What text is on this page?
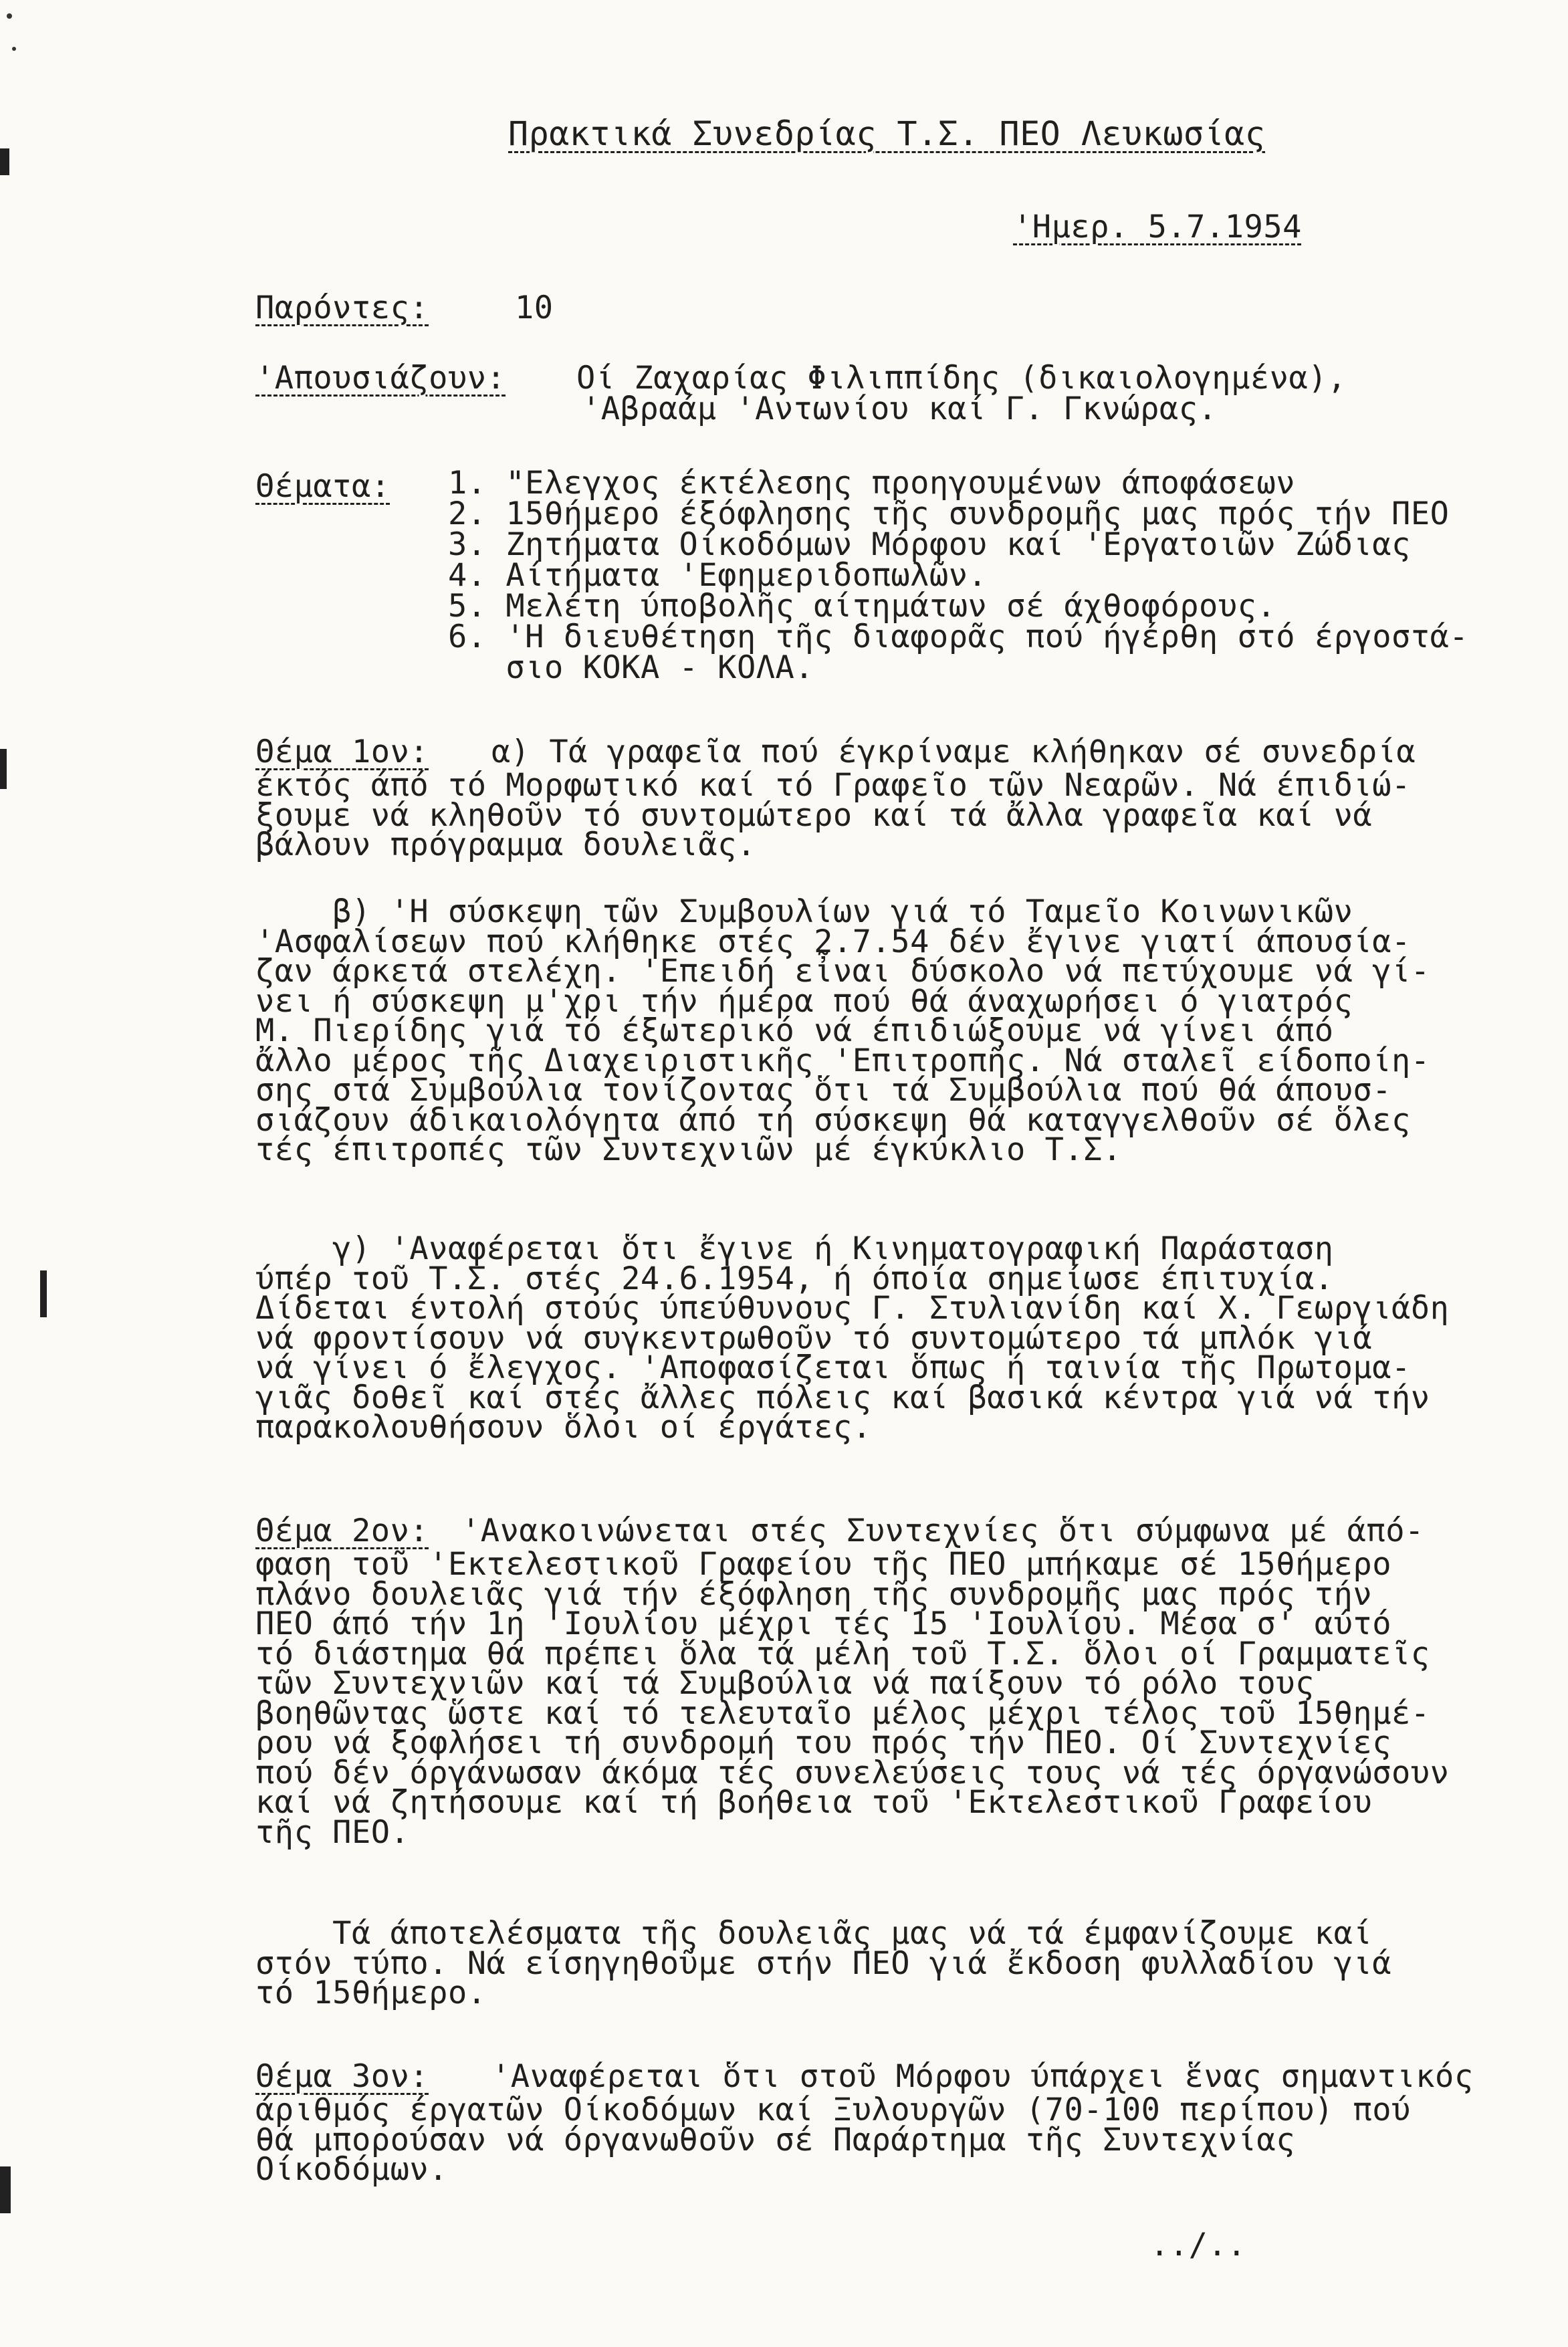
Πρακτικά Συνεδρίας Τ.Σ. ΠΕΟ Λευκωσίας
'Ημερ. 5.7.1954
Παρόντες:	10
'Απουσιάζουν: Οί Ζαχαρίας Φιλιππίδης (δικαιολογημένα),
'Αβραάμ 'Αντωνίου καί Γ. Γκνώρας.
Θέματα: 1. "Ελεγχος έκτέλεσης προηγουμένων άποφάσεων
2. 15θήμερο έξόφλησης τῆς συνδρομῆς μας πρός τήν ΠΕΟ
3. Ζητήματα Οίκοδόμων Μόρφου καί 'Εργατοιῶν Ζώδιας
4. Αίτήματα 'Εφημεριδοπωλῶν.
5. Μελέτη ύποβολῆς αίτημάτων σέ άχθοφόρους.
6. 'Η διευθέτηση τῆς διαφορᾶς πού ήγέρθη στό έργοστά-
σιο ΚΟΚΑ - ΚΟΛΑ.
Θέμα 1ον: α) Τά γραφεῖα πού έγκρίναμε κλήθηκαν σέ συνεδρία
έκτός άπό τό Μορφωτικό καί τό Γραφεῖο τῶν Νεαρῶν. Νά έπιδιώ-
ξουμε νά κληθοῦν τό συντομώτερο καί τά ἄλλα γραφεῖα καί νά
βάλουν πρόγραμμα δουλειᾶς.
β) 'Η σύσκεψη τῶν Συμβουλίων γιά τό Ταμεῖο Κοινωνικῶν
'Ασφαλίσεων πού κλήθηκε στές 2.7.54 δέν ἔγινε γιατί άπουσία-
ζαν άρκετά στελέχη. 'Επειδή εἶναι δύσκολο νά πετύχουμε νά γί-
νει ή σύσκεψη μ'χρι τήν ήμέρα πού θά άναχωρήσει ό γιατρός
Μ. Πιερίδης γιά τό έξωτερικό νά έπιδιώξουμε νά γίνει άπό
ἄλλο μέρος τῆς Διαχειριστικῆς 'Επιτροπῆς. Νά σταλεῖ είδοποίη-
σης στά Συμβούλια τονίζοντας ὅτι τά Συμβούλια πού θά άπουσ-
σιάζουν άδικαιολόγητα άπό τή σύσκεψη θά καταγγελθοῦν σέ ὅλες
τές έπιτροπές τῶν Συντεχνιῶν μέ έγκύκλιο Τ.Σ.
γ) 'Αναφέρεται ὅτι ἔγινε ή Κινηματογραφική Παράσταση
ύπέρ τοῦ Τ.Σ. στές 24.6.1954, ή όποία σημείωσε έπιτυχία.
Δίδεται έντολή στούς ύπεύθυνους Γ. Στυλιανίδη καί Χ. Γεωργιάδη
νά φροντίσουν νά συγκεντρωθοῦν τό συντομώτερο τά μπλόκ γιά
νά γίνει ό ἔλεγχος. 'Αποφασίζεται ὅπως ή ταινία τῆς Πρωτομα-
γιᾶς δοθεῖ καί στές ἄλλες πόλεις καί βασικά κέντρα γιά νά τήν
παρακολουθήσουν ὅλοι οί έργάτες.
Θέμα 2ον: 'Ανακοινώνεται στές Συντεχνίες ὅτι σύμφωνα μέ άπό-
φαση τοῦ 'Εκτελεστικοῦ Γραφείου τῆς ΠΕΟ μπήκαμε σέ 15θήμερο
πλάνο δουλειᾶς γιά τήν έξόφληση τῆς συνδρομῆς μας πρός τήν
ΠΕΟ άπό τήν 1η 'Ιουλίου μέχρι τές 15 'Ιουλίου. Μέσα σ' αύτό
τό διάστημα θά πρέπει ὅλα τά μέλη τοῦ Τ.Σ. ὅλοι οί Γραμματεῖς
τῶν Συντεχνιῶν καί τά Συμβούλια νά παίξουν τό ρόλο τους
βοηθῶντας ὥστε καί τό τελευταῖο μέλος μέχρι τέλος τοῦ 15θημέ-
ρου νά ξοφλήσει τή συνδρομή του πρός τήν ΠΕΟ. Οί Συντεχνίες
πού δέν όργάνωσαν άκόμα τές συνελεύσεις τους νά τές όργανώσουν
καί νά ζητήσουμε καί τή βοήθεια τοῦ 'Εκτελεστικοῦ Γραφείου
τῆς ΠΕΟ.
Τά άποτελέσματα τῆς δουλειᾶς μας νά τά έμφανίζουμε καί
στόν τύπο. Νά είσηγηθοῦμε στήν ΠΕΟ γιά ἔκδοση φυλλαδίου γιά
τό 15θήμερο.
Θέμα 3ον: 'Αναφέρεται ὅτι στοῦ Μόρφου ύπάρχει ἕνας σημαντικός
άριθμός έργατῶν Οίκοδόμων καί Ξυλουργῶν (70-100 περίπου) πού
θά μπορούσαν νά όργανωθοῦν σέ Παράρτημα τῆς Συντεχνίας
Οίκοδόμων.
../..
